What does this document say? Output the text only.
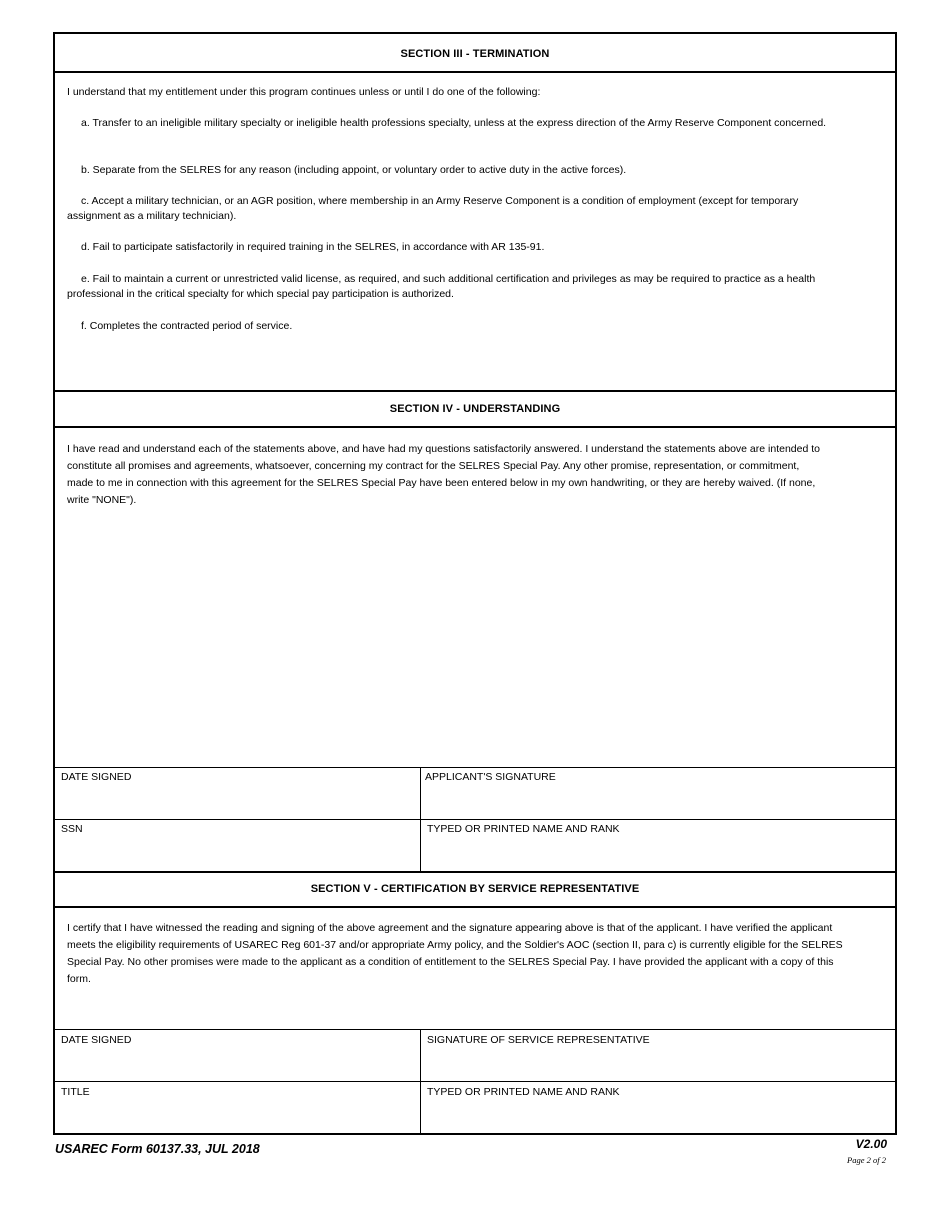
SECTION III - TERMINATION
I understand that my entitlement under this program continues unless or until I do one of the following:
a. Transfer to an ineligible military specialty or ineligible health professions specialty, unless at the express direction of the Army Reserve Component concerned.
b. Separate from the SELRES for any reason (including appoint, or voluntary order to active duty in the active forces).
c. Accept a military technician, or an AGR position, where membership in an Army Reserve Component is a condition of employment (except for temporary assignment as a military technician).
d. Fail to participate satisfactorily in required training in the SELRES, in accordance with AR 135-91.
e. Fail to maintain a current or unrestricted valid license, as required, and such additional certification and privileges as may be required to practice as a health professional in the critical specialty for which special pay participation is authorized.
f. Completes the contracted period of service.
SECTION IV - UNDERSTANDING
I have read and understand each of the statements above, and have had my questions satisfactorily answered. I understand the statements above are intended to constitute all promises and agreements, whatsoever, concerning my contract for the SELRES Special Pay. Any other promise, representation, or commitment, made to me in connection with this agreement for the SELRES Special Pay have been entered below in my own handwriting, or they are hereby waived. (If none, write "NONE").
DATE SIGNED	APPLICANT'S SIGNATURE
SSN	TYPED OR PRINTED NAME AND RANK
SECTION V - CERTIFICATION BY SERVICE REPRESENTATIVE
I certify that I have witnessed the reading and signing of the above agreement and the signature appearing above is that of the applicant. I have verified the applicant meets the eligibility requirements of USAREC Reg 601-37 and/or appropriate Army policy, and the Soldier's AOC (section II, para c) is currently eligible for the SELRES Special Pay. No other promises were made to the applicant as a condition of entitlement to the SELRES Special Pay. I have provided the applicant with a copy of this form.
DATE SIGNED	SIGNATURE OF SERVICE REPRESENTATIVE
TITLE	TYPED OR PRINTED NAME AND RANK
USAREC Form 60137.33, JUL 2018	V2.00
Page 2 of 2
